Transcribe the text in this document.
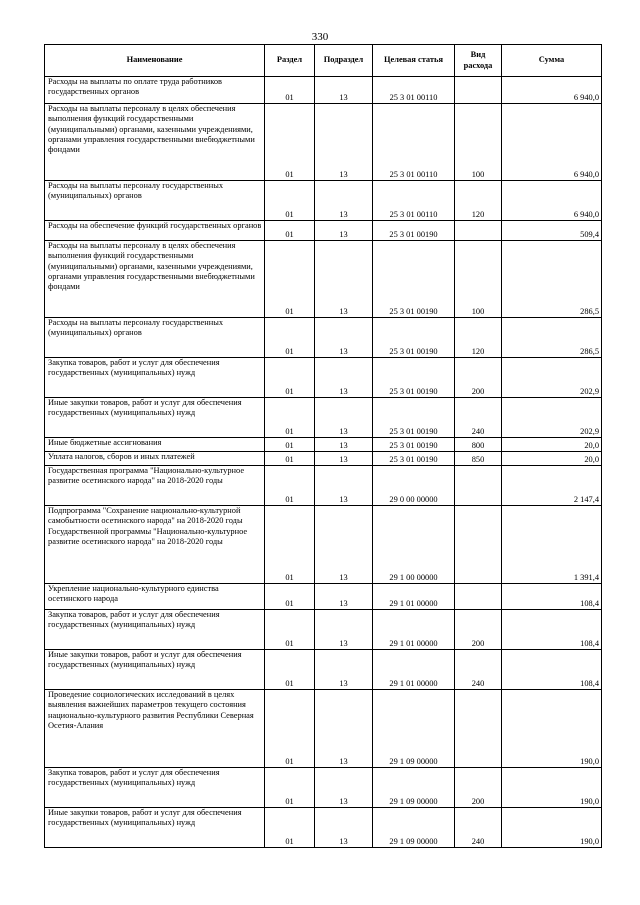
330
Наименование	Раздел	Подраздел	Целевая статья	Вид расхода	Сумма
Расходы на выплаты по оплате труда работников государственных органов	01	13	25 3 01 00110		6 940,0
Расходы на выплаты персоналу в целях обеспечения выполнения функций государственными (муниципальными) органами, казенными учреждениями, органами управления государственными внебюджетными фондами	01	13	25 3 01 00110	100	6 940,0
Расходы на выплаты персоналу государственных (муниципальных) органов	01	13	25 3 01 00110	120	6 940,0
Расходы на обеспечение функций государственных органов	01	13	25 3 01 00190		509,4
Расходы на выплаты персоналу в целях обеспечения выполнения функций государственными (муниципальными) органами, казенными учреждениями, органами управления государственными внебюджетными фондами	01	13	25 3 01 00190	100	286,5
Расходы на выплаты персоналу государственных (муниципальных) органов	01	13	25 3 01 00190	120	286,5
Закупка товаров, работ и услуг для обеспечения государственных (муниципальных) нужд	01	13	25 3 01 00190	200	202,9
Иные закупки товаров, работ и услуг для обеспечения государственных (муниципальных) нужд	01	13	25 3 01 00190	240	202,9
Иные бюджетные ассигнования	01	13	25 3 01 00190	800	20,0
Уплата налогов, сборов и иных платежей	01	13	25 3 01 00190	850	20,0
Государственная программа "Национально-культурное развитие осетинского народа" на 2018-2020 годы	01	13	29 0 00 00000		2 147,4
Подпрограмма "Сохранение национально-культурной самобытности осетинского народа" на 2018-2020 годы Государственной программы "Национально-культурное развитие осетинского народа" на 2018-2020 годы	01	13	29 1 00 00000		1 391,4
Укрепление национально-культурного единства осетинского народа	01	13	29 1 01 00000		108,4
Закупка товаров, работ и услуг для обеспечения государственных (муниципальных) нужд	01	13	29 1 01 00000	200	108,4
Иные закупки товаров, работ и услуг для обеспечения государственных (муниципальных) нужд	01	13	29 1 01 00000	240	108,4
Проведение социологических исследований в целях выявления важнейших параметров текущего состояния национально-культурного развития Республики Северная Осетия-Алания	01	13	29 1 09 00000		190,0
Закупка товаров, работ и услуг для обеспечения государственных (муниципальных) нужд	01	13	29 1 09 00000	200	190,0
Иные закупки товаров, работ и услуг для обеспечения государственных (муниципальных) нужд	01	13	29 1 09 00000	240	190,0
